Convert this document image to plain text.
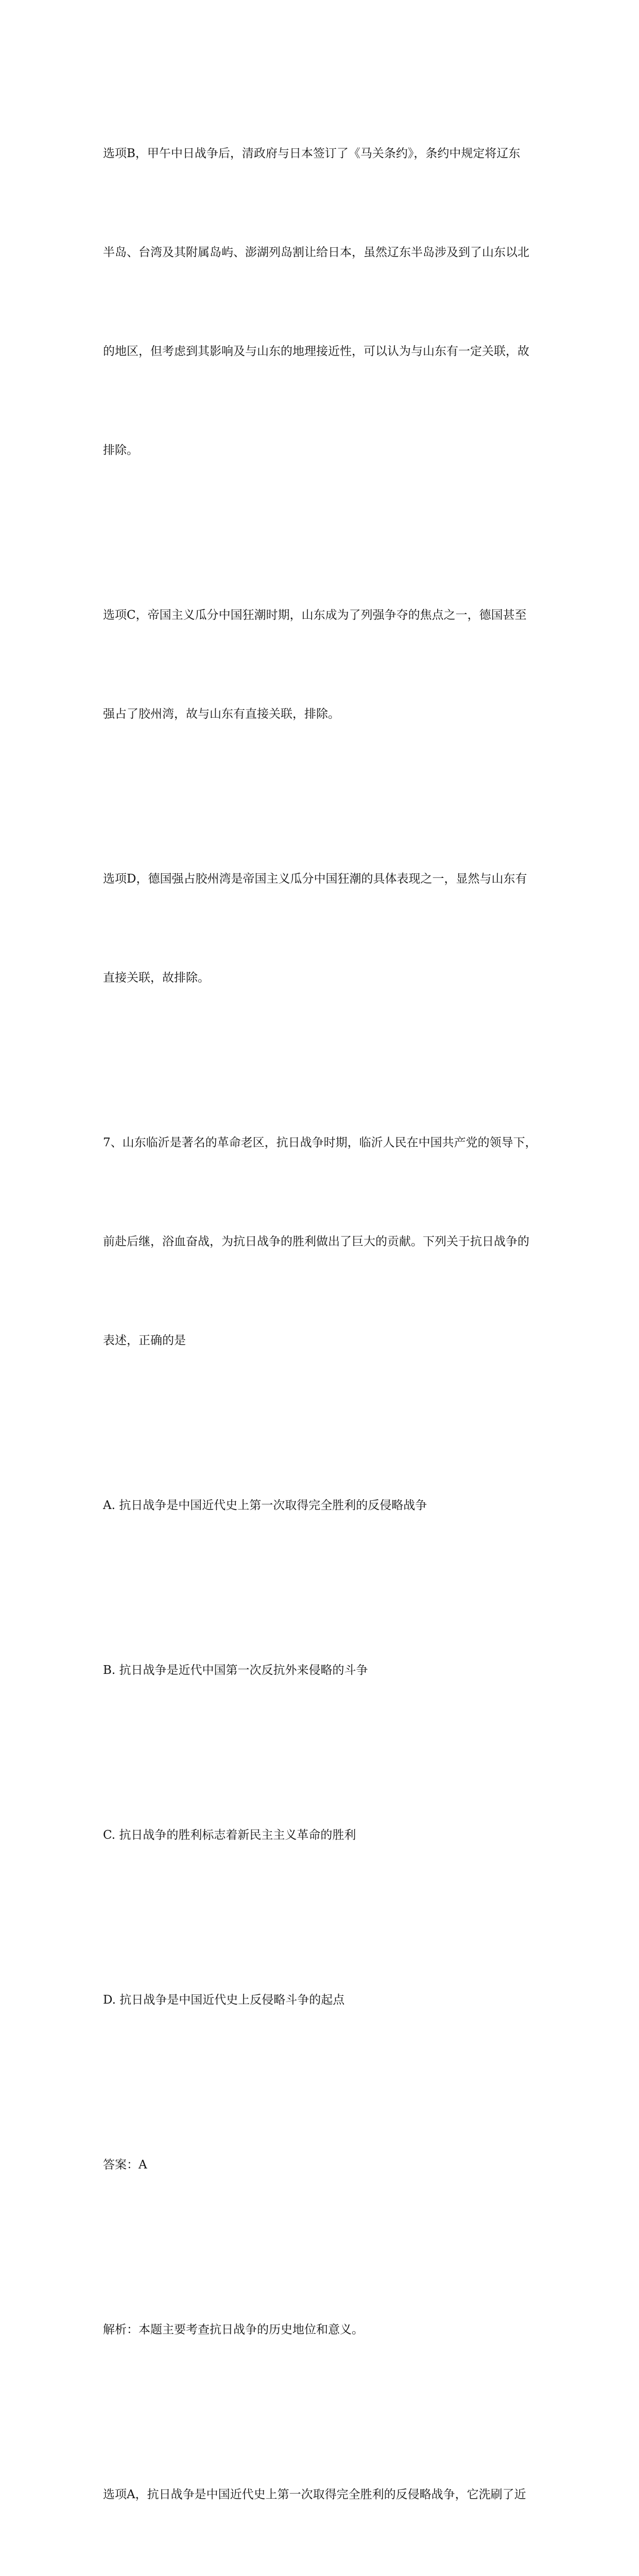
选项B，甲午中日战争后，清政府与日本签订了《马关条约》，条约中规定将辽东

半岛、台湾及其附属岛屿、澎湖列岛割让给日本，虽然辽东半岛涉及到了山东以北

的地区，但考虑到其影响及与山东的地理接近性，可以认为与山东有一定关联，故

排除。

选项C，帝国主义瓜分中国狂潮时期，山东成为了列强争夺的焦点之一，德国甚至

强占了胶州湾，故与山东有直接关联，排除。

选项D，德国强占胶州湾是帝国主义瓜分中国狂潮的具体表现之一，显然与山东有

直接关联，故排除。

7、山东临沂是著名的革命老区，抗日战争时期，临沂人民在中国共产党的领导下，

前赴后继，浴血奋战，为抗日战争的胜利做出了巨大的贡献。下列关于抗日战争的

表述，正确的是

A. 抗日战争是中国近代史上第一次取得完全胜利的反侵略战争

B. 抗日战争是近代中国第一次反抗外来侵略的斗争

C. 抗日战争的胜利标志着新民主主义革命的胜利

D. 抗日战争是中国近代史上反侵略斗争的起点

答案：A

解析：本题主要考查抗日战争的历史地位和意义。

选项A，抗日战争是中国近代史上第一次取得完全胜利的反侵略战争，它洗刷了近
